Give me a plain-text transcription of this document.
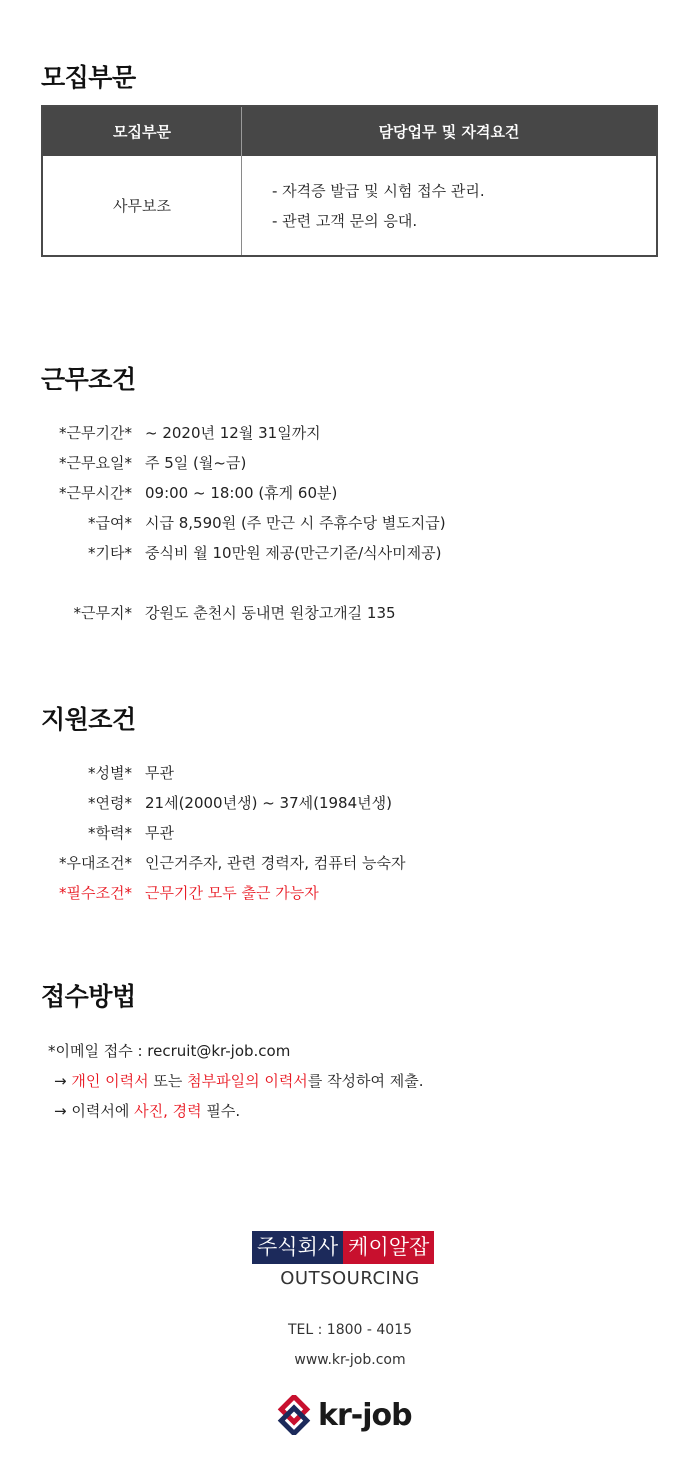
모집부문
모집부문	담당업무 및 자격요건
사무보조
- 자격증 발급 및 시험 접수 관리.
- 관련 고객 문의 응대.
근무조건
*근무기간* ~ 2020년 12월 31일까지
*근무요일* 주 5일 (월~금)
*근무시간* 09:00 ~ 18:00 (휴게 60분)
*급여* 시급 8,590원 (주 만근 시 주휴수당 별도지급)
*기타* 중식비 월 10만원 제공(만근기준/식사미제공)
*근무지* 강원도 춘천시 동내면 원창고개길 135
지원조건
*성별* 무관
*연령* 21세(2000년생) ~ 37세(1984년생)
*학력* 무관
*우대조건* 인근거주자, 관련 경력자, 컴퓨터 능숙자
*필수조건* 근무기간 모두 출근 가능자
접수방법
*이메일 접수 : recruit@kr-job.com
→ 개인 이력서 또는 첨부파일의 이력서를 작성하여 제출.
→ 이력서에 사진, 경력 필수.
주식회사 케이알잡
OUTSOURCING
TEL : 1800 - 4015
www.kr-job.com
kr-job
